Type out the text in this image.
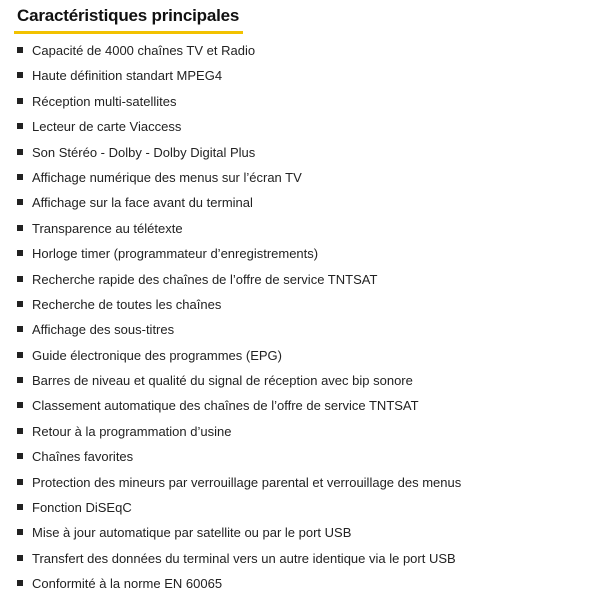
Caractéristiques principales
Capacité de 4000 chaînes TV et Radio
Haute définition standart MPEG4
Réception multi-satellites
Lecteur de carte Viaccess
Son Stéréo - Dolby - Dolby Digital Plus
Affichage numérique des menus sur l’écran TV
Affichage sur la face avant du terminal
Transparence au télétexte
Horloge timer (programmateur d’enregistrements)
Recherche rapide des chaînes de l’offre de service TNTSAT
Recherche de toutes les chaînes
Affichage des sous-titres
Guide électronique des programmes (EPG)
Barres de niveau et qualité du signal de réception avec bip sonore
Classement automatique des chaînes de l’offre de service TNTSAT
Retour à la programmation d’usine
Chaînes favorites
Protection des mineurs par verrouillage parental et verrouillage des menus
Fonction DiSEqC
Mise à jour automatique par satellite ou par le port USB
Transfert des données du terminal vers un autre identique via le port USB
Conformité à la norme EN 60065
